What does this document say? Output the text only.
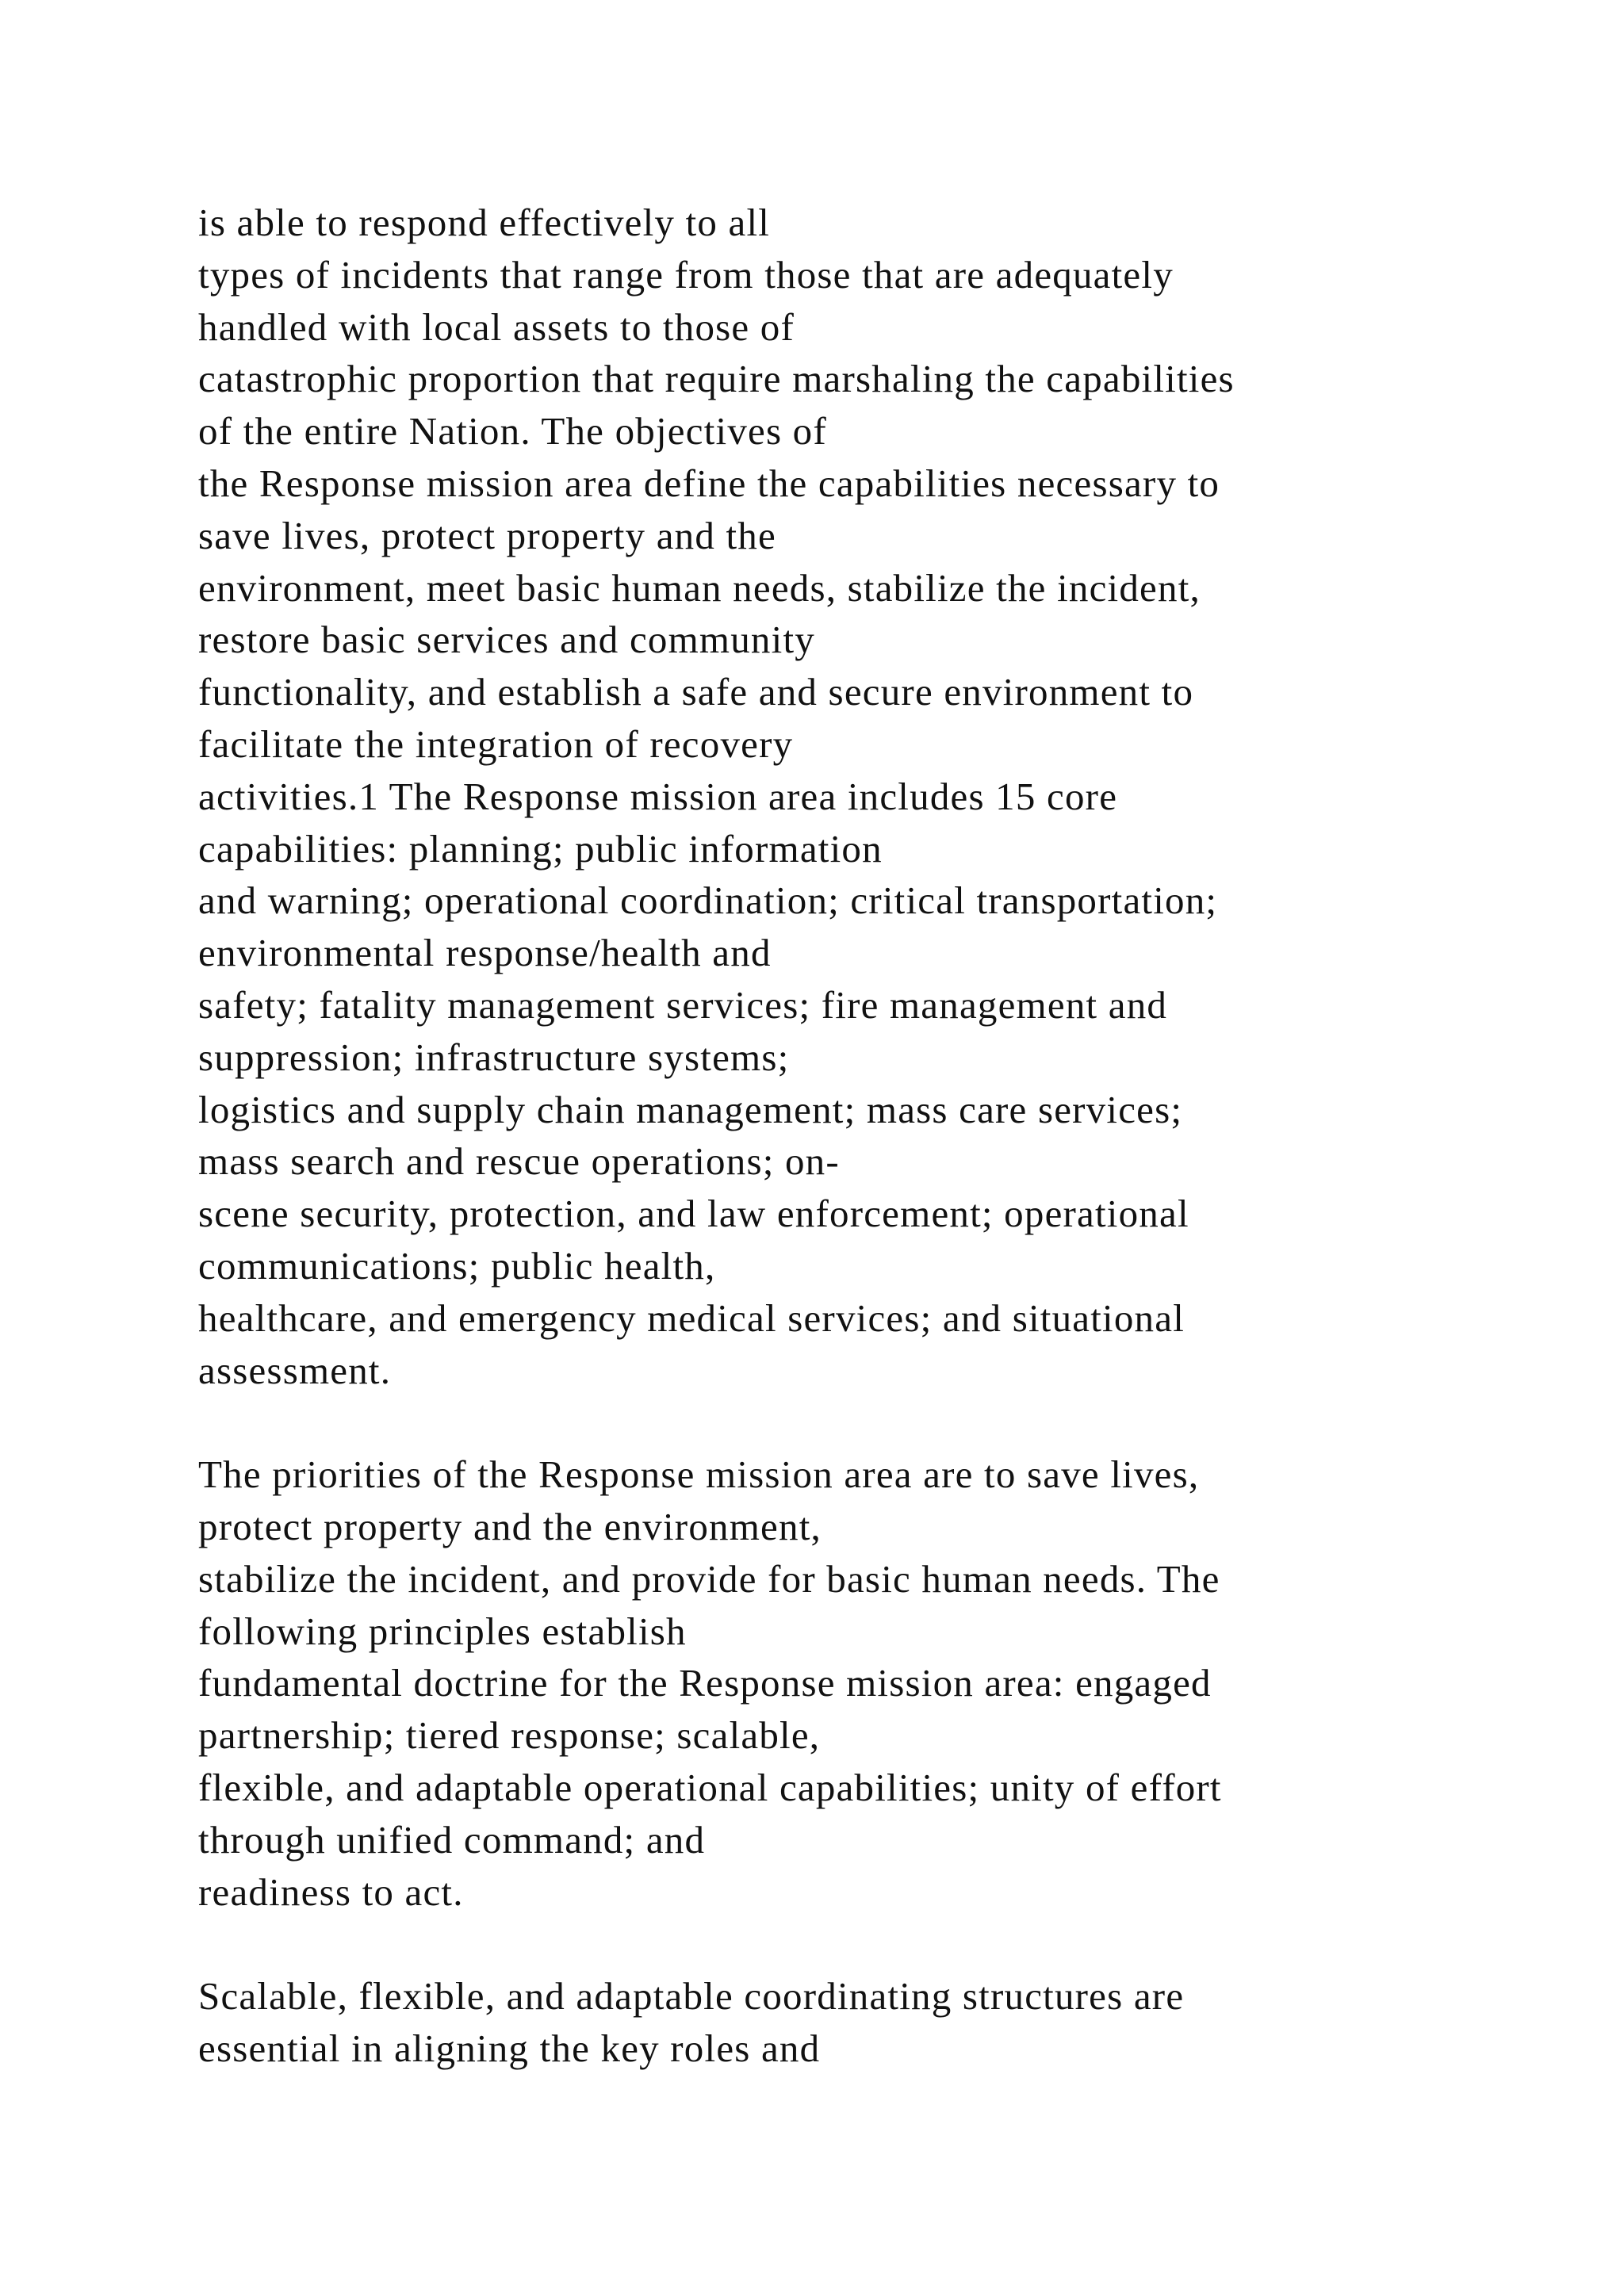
is able to respond effectively to all
types of incidents that range from those that are adequately
handled with local assets to those of
catastrophic proportion that require marshaling the capabilities
of the entire Nation. The objectives of
the Response mission area define the capabilities necessary to
save lives, protect property and the
environment, meet basic human needs, stabilize the incident,
restore basic services and community
functionality, and establish a safe and secure environment to
facilitate the integration of recovery
activities.1 The Response mission area includes 15 core
capabilities: planning; public information
and warning; operational coordination; critical transportation;
environmental response/health and
safety; fatality management services; fire management and
suppression; infrastructure systems;
logistics and supply chain management; mass care services;
mass search and rescue operations; on-
scene security, protection, and law enforcement; operational
communications; public health,
healthcare, and emergency medical services; and situational
assessment.
The priorities of the Response mission area are to save lives,
protect property and the environment,
stabilize the incident, and provide for basic human needs. The
following principles establish
fundamental doctrine for the Response mission area: engaged
partnership; tiered response; scalable,
flexible, and adaptable operational capabilities; unity of effort
through unified command; and
readiness to act.
Scalable, flexible, and adaptable coordinating structures are
essential in aligning the key roles and
